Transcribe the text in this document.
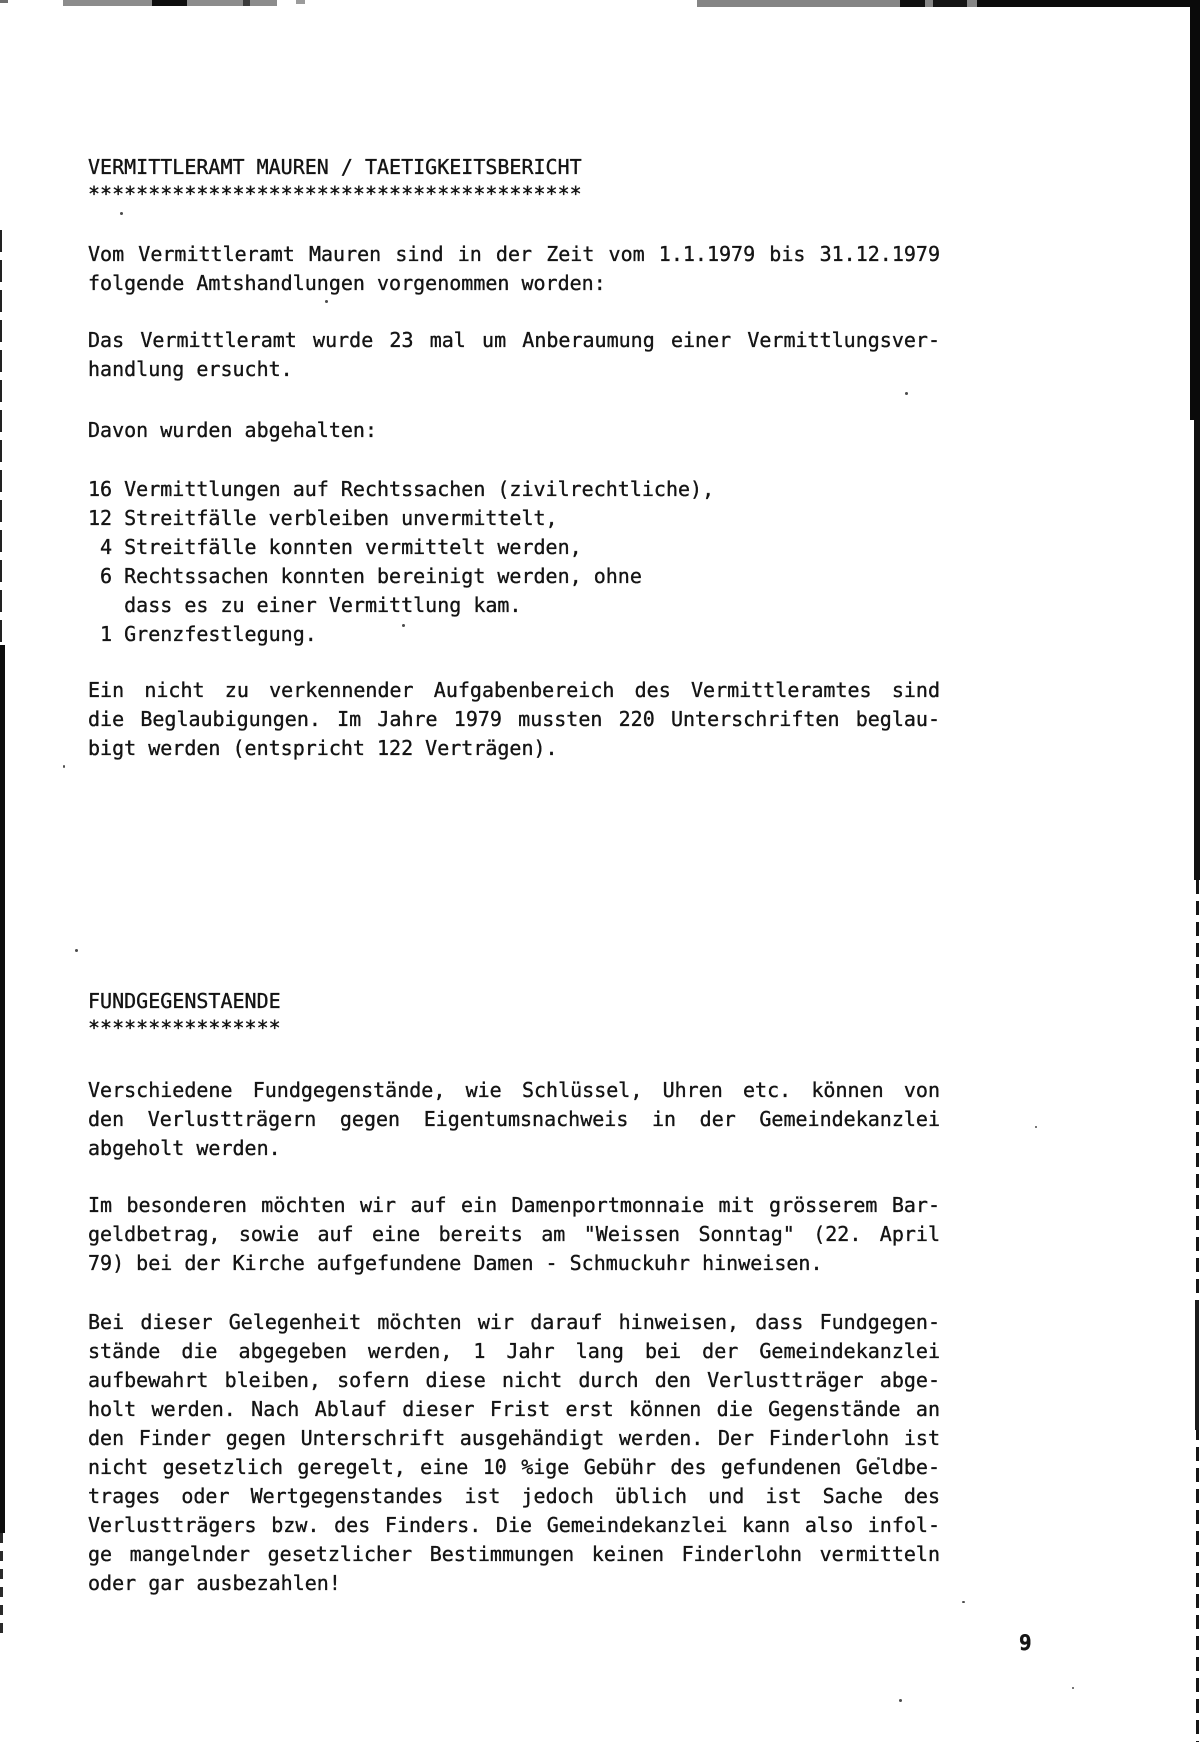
VERMITTLERAMT MAUREN / TAETIGKEITSBERICHT
*****************************************
Vom Vermittleramt Mauren sind in der Zeit vom 1.1.1979 bis 31.12.1979
folgende Amtshandlungen vorgenommen worden:
Das Vermittleramt wurde 23 mal um Anberaumung einer Vermittlungsver-
handlung ersucht.
Davon wurden abgehalten:
16 Vermittlungen auf Rechtssachen (zivilrechtliche),
12 Streitfälle verbleiben unvermittelt,
4 Streitfälle konnten vermittelt werden,
6 Rechtssachen konnten bereinigt werden, ohne
dass es zu einer Vermittlung kam.
1 Grenzfestlegung.
Ein nicht zu verkennender Aufgabenbereich des Vermittleramtes sind
die Beglaubigungen. Im Jahre 1979 mussten 220 Unterschriften beglau-
bigt werden (entspricht 122 Verträgen).
FUNDGEGENSTAENDE
****************
Verschiedene Fundgegenstände, wie Schlüssel, Uhren etc. können von
den Verlustträgern gegen Eigentumsnachweis in der Gemeindekanzlei
abgeholt werden.
Im besonderen möchten wir auf ein Damenportmonnaie mit grösserem Bar-
geldbetrag, sowie auf eine bereits am "Weissen Sonntag" (22. April
79) bei der Kirche aufgefundene Damen - Schmuckuhr hinweisen.
Bei dieser Gelegenheit möchten wir darauf hinweisen, dass Fundgegen-
stände die abgegeben werden, 1 Jahr lang bei der Gemeindekanzlei
aufbewahrt bleiben, sofern diese nicht durch den Verlustträger abge-
holt werden. Nach Ablauf dieser Frist erst können die Gegenstände an
den Finder gegen Unterschrift ausgehändigt werden. Der Finderlohn ist
nicht gesetzlich geregelt, eine 10 %ige Gebühr des gefundenen Geldbe-
trages oder Wertgegenstandes ist jedoch üblich und ist Sache des
Verlustträgers bzw. des Finders. Die Gemeindekanzlei kann also infol-
ge mangelnder gesetzlicher Bestimmungen keinen Finderlohn vermitteln
oder gar ausbezahlen!
9
